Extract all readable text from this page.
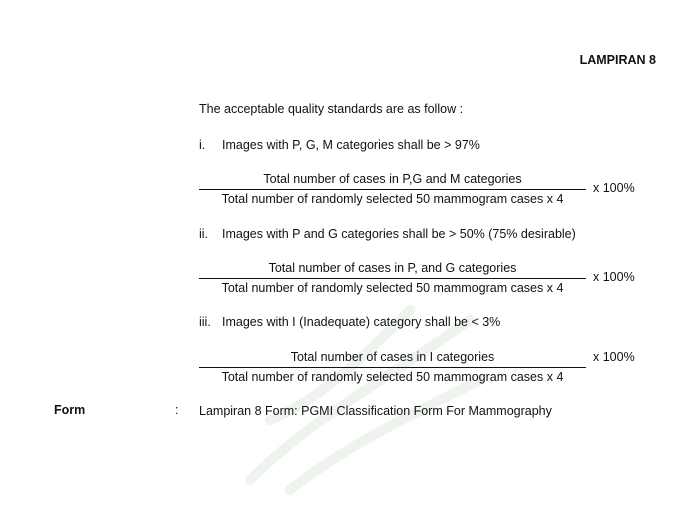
LAMPIRAN 8
The acceptable quality standards are as follow :
i. Images with P, G, M categories shall be > 97%
Total number of cases in P,G and M categories
Total number of randomly selected 50 mammogram cases x 4
x 100%
ii. Images with P and G categories shall be > 50% (75% desirable)
Total number of cases in P, and G categories
Total number of randomly selected 50 mammogram cases x 4
x 100%
iii. Images with I (Inadequate) category shall be < 3%
Total number of cases in I categories
Total number of randomly selected 50 mammogram cases x 4
x 100%
Form	: Lampiran 8 Form: PGMI Classification Form For Mammography
